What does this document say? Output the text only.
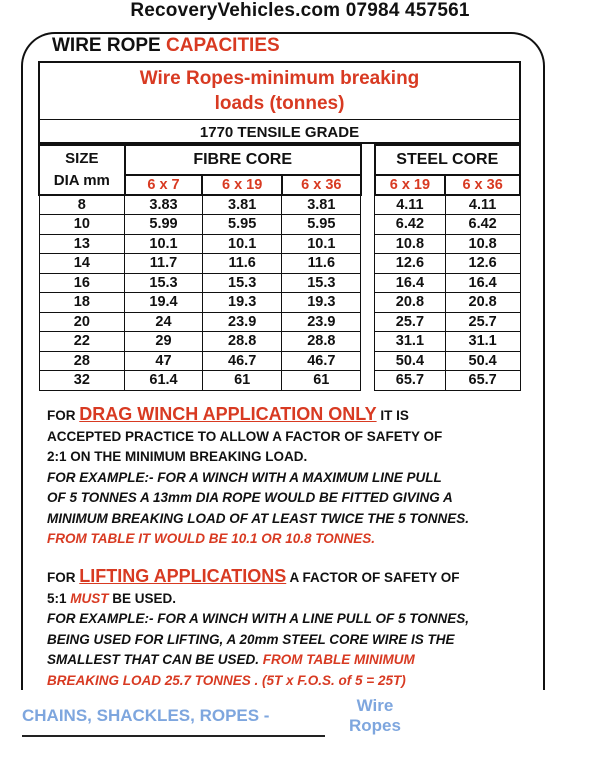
RecoveryVehicles.com 07984 457561
WIRE ROPE CAPACITIES
Wire Ropes-minimum breaking
loads (tonnes)
1770 TENSILE GRADE
SIZE
DIA mm	FIBRE CORE				STEEL CORE	
	6 x 7	6 x 19	6 x 36		6 x 19	6 x 36
8	3.83	3.81	3.81		4.11	4.11
10	5.99	5.95	5.95		6.42	6.42
13	10.1	10.1	10.1		10.8	10.8
14	11.7	11.6	11.6		12.6	12.6
16	15.3	15.3	15.3		16.4	16.4
18	19.4	19.3	19.3		20.8	20.8
20	24	23.9	23.9		25.7	25.7
22	29	28.8	28.8		31.1	31.1
28	47	46.7	46.7		50.4	50.4
32	61.4	61	61		65.7	65.7
FOR DRAG WINCH APPLICATION ONLY IT IS
ACCEPTED PRACTICE TO ALLOW A FACTOR OF SAFETY OF
2:1 ON THE MINIMUM BREAKING LOAD.
FOR EXAMPLE:- FOR A WINCH WITH A MAXIMUM LINE PULL
OF 5 TONNES A 13mm DIA ROPE WOULD BE FITTED GIVING A
MINIMUM BREAKING LOAD OF AT LEAST TWICE THE 5 TONNES.
FROM TABLE IT WOULD BE 10.1 OR 10.8 TONNES.
FOR LIFTING APPLICATIONS A FACTOR OF SAFETY OF
5:1 MUST BE USED.
FOR EXAMPLE:- FOR A WINCH WITH A LINE PULL OF 5 TONNES,
BEING USED FOR LIFTING, A 20mm STEEL CORE WIRE IS THE
SMALLEST THAT CAN BE USED. FROM TABLE MINIMUM
BREAKING LOAD 25.7 TONNES . (5T x F.O.S. of 5 = 25T)
CHAINS, SHACKLES, ROPES -
Wire
Ropes
